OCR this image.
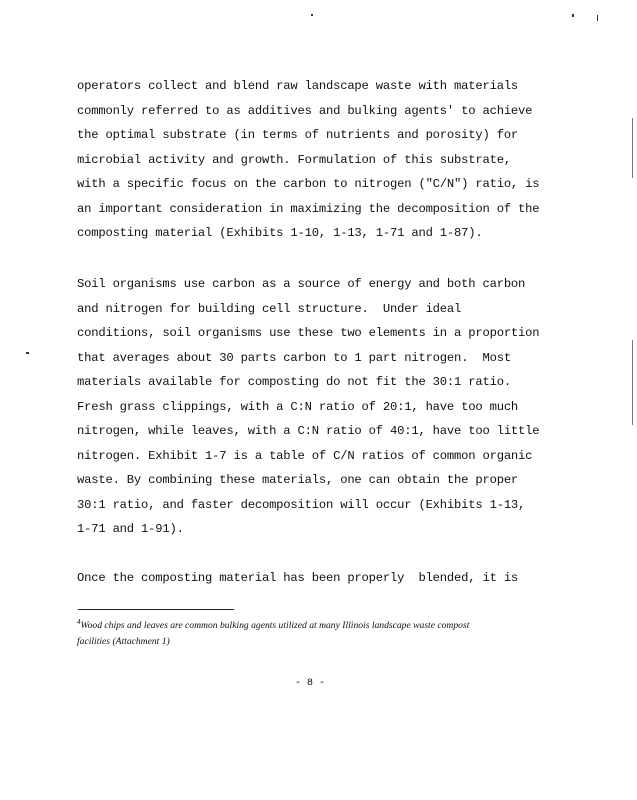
operators collect and blend raw landscape waste with materials
commonly referred to as additives and bulking agents' to achieve
the optimal substrate (in terms of nutrients and porosity) for
microbial activity and growth. Formulation of this substrate,
with a specific focus on the carbon to nitrogen ("C/N") ratio, is
an important consideration in maximizing the decomposition of the
composting material (Exhibits 1-10, 1-13, 1-71 and 1-87).
Soil organisms use carbon as a source of energy and both carbon
and nitrogen for building cell structure.  Under ideal
conditions, soil organisms use these two elements in a proportion
that averages about 30 parts carbon to 1 part nitrogen.  Most
materials available for composting do not fit the 30:1 ratio.
Fresh grass clippings, with a C:N ratio of 20:1, have too much
nitrogen, while leaves, with a C:N ratio of 40:1, have too little
nitrogen. Exhibit 1-7 is a table of C/N ratios of common organic
waste. By combining these materials, one can obtain the proper
30:1 ratio, and faster decomposition will occur (Exhibits 1-13,
1-71 and 1-91).
Once the composting material has been properly  blended, it is
$^4$Wood chips and leaves are common bulking agents utilized at many Illinois landscape waste compost
facilities (Attachment 1)
- 8 -
